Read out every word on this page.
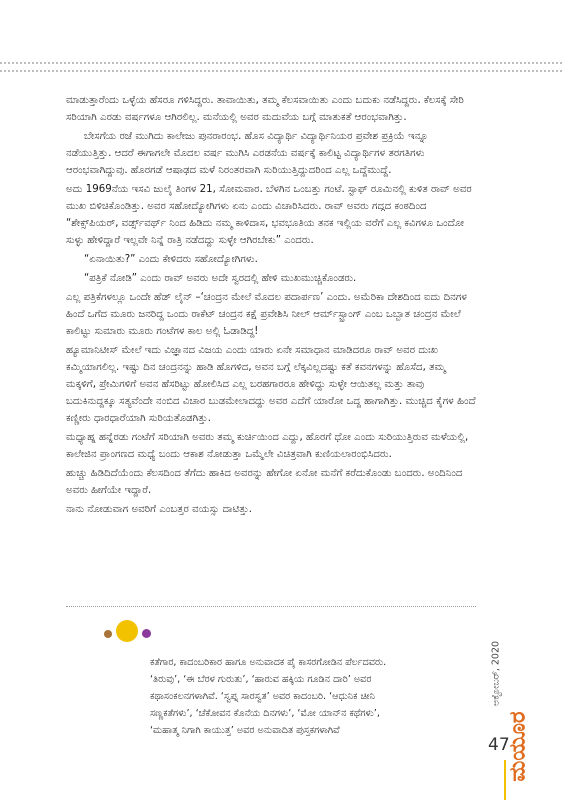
ಮಾಡುತ್ತಾರೆಂದು ಒಳ್ಳೆಯ ಹೆಸರೂ ಗಳಿಸಿದ್ದರು. ತಾವಾಯಿತು, ತಮ್ಮ ಕೆಲಸವಾಯಿತು ಎಂದು ಬದುಕು ನಡೆಸಿದ್ದರು. ಕೆಲಸಕ್ಕೆ ಸೇರಿ ಸರಿಯಾಗಿ ಎರಡು ವರ್ಷಗಳೂ ಆಗಿರಲಿಲ್ಲ. ಮನೆಯಲ್ಲಿ ಅವರ ಮದುವೆಯ ಬಗ್ಗೆ ಮಾತುಕತೆ ಆರಂಭವಾಗಿತ್ತು.

ಬೇಸಗೆಯ ರಜೆ ಮುಗಿದು ಕಾಲೇಜು ಪುನರಾರಂಭ. ಹೊಸ ವಿದ್ಯಾರ್ಥಿ ವಿದ್ಯಾರ್ಥಿನಿಯರ ಪ್ರವೇಶ ಪ್ರಕ್ರಿಯೆ ಇನ್ನೂ ನಡೆಯುತ್ತಿತ್ತು. ಆದರೆ ಈಗಾಗಲೇ ಮೊದಲ ವರ್ಷ ಮುಗಿಸಿ ಎರಡನೆಯ ವರ್ಷಕ್ಕೆ ಕಾಲಿಟ್ಟ ವಿದ್ಯಾರ್ಥಿಗಳ ತರಗತಿಗಳು ಆರಂಭವಾಗಿದ್ದುವು. ಹೊರಗಡೆ ಆಷಾಢದ ಮಳೆ ನಿರಂತರವಾಗಿ ಸುರಿಯುತ್ತಿದ್ದುದರಿಂದ ಎಲ್ಲ ಒದ್ದೆಮುದ್ದೆ.

ಅದು 1969ನೆಯ ಇಸವಿ ಜುಲೈ ತಿಂಗಳ 21, ಸೋಮವಾರ. ಬೆಳಗಿನ ಒಂಬತ್ತು ಗಂಟೆ. ಸ್ಟಾಫ್ ರೂಮಿನಲ್ಲಿ ಕುಳಿತ ರಾವ್ ಅವರ ಮುಖ ಬಿಳಿಚಿಕೊಂಡಿತ್ತು. ಅವರ ಸಹೋದ್ಯೋಗಿಗಳು ಏನು ಎಂದು ವಿಚಾರಿಸಿದರು. ರಾವ್ ಅವರು ಗದ್ಗದ ಕಂಠದಿಂದ “ಶೇಕ್ಸ್‌ಪಿಯರ್, ವರ್ಡ್ಸ್‌ವರ್ಥ್ ನಿಂದ ಹಿಡಿದು ನಮ್ಮ ಕಾಳಿದಾಸ, ಭವಭೂತಿಯ ತನಕ ಇಲ್ಲಿಯ ವರೆಗೆ ಎಲ್ಲ ಕವಿಗಳೂ ಒಂದೋ ಸುಳ್ಳು ಹೇಳಿದ್ದಾರೆ ಇಲ್ಲವೇ ನಿನ್ನೆ ರಾತ್ರಿ ನಡೆದದ್ದು ಸುಳ್ಳೇ ಆಗಿರಬೇಕು” ಎಂದರು.

“ಏನಾಯಿತು?” ಎಂದು ಕೇಳಿದರು ಸಹೋದ್ಯೋಗಿಗಳು.

“ಪತ್ರಿಕೆ ನೋಡಿ” ಎಂದು ರಾವ್ ಅವರು ಅದೇ ಸ್ವರದಲ್ಲಿ ಹೇಳಿ ಮುಖಮುಚ್ಚಿಕೊಂಡರು.

ಎಲ್ಲ ಪತ್ರಿಕೆಗಳಲ್ಲೂ ಒಂದೇ ಹೆಡ್ ಲೈನ್ –‘ಚಂದ್ರನ ಮೇಲೆ ಮೊದಲ ಪದಾರ್ಪಣ’ ಎಂದು. ಅಮೆರಿಕಾ ದೇಶದಿಂದ ಐದು ದಿನಗಳ ಹಿಂದೆ ಒಗೆದ ಮೂರು ಜನರಿದ್ದ ಒಂದು ರಾಕೆಟ್ ಚಂದ್ರನ ಕಕ್ಷೆ ಪ್ರವೇಶಿಸಿ ನೀಲ್ ಆರ್ಮ್‌ಸ್ಟ್ರಾಂಗ್ ಎಂಬ ಒಬ್ಬಾತ ಚಂದ್ರನ ಮೇಲೆ ಕಾಲಿಟ್ಟು ಸುಮಾರು ಮೂರು ಗಂಟೆಗಳ ಕಾಲ ಅಲ್ಲಿ ಓಡಾಡಿದ್ದ!

ಹ್ಯೂಮಾನಿಟೀಸ್ ಮೇಲೆ ಇದು ವಿಜ್ಞಾನದ ವಿಜಯ ಎಂದು ಯಾರು ಏನೇ ಸಮಾಧಾನ ಮಾಡಿದರೂ ರಾವ್ ಅವರ ದುಃಖ ಕಮ್ಮಿಯಾಗಲಿಲ್ಲ. ಇಷ್ಟು ದಿನ ಚಂದ್ರನನ್ನು ಹಾಡಿ ಹೊಗಳಿದ, ಅವನ ಬಗ್ಗೆ ಲೆಕ್ಕವಿಲ್ಲದಷ್ಟು ಕತೆ ಕವನಗಳನ್ನು ಹೊಸೆದ, ತಮ್ಮ ಮಕ್ಕಳಿಗೆ, ಪ್ರೇಮಿಗಳಿಗೆ ಅವನ ಹೆಸರಿಟ್ಟು ಹೋಲಿಸಿದ ಎಲ್ಲ ಬರಹಗಾರರೂ ಹೇಳಿದ್ದು ಸುಳ್ಳೇ ಆಯಿತಲ್ಲ ಮತ್ತು ತಾವು ಬದುಕಿನುದ್ದಕ್ಕೂ ಸತ್ಯವೆಂದೇ ನಂಬಿದ ವಿಚಾರ ಬುಡಮೇಲಾದದ್ದು ಅವರ ಎದೆಗೆ ಯಾರೋ ಒದ್ದ ಹಾಗಾಗಿತ್ತು. ಮುಚ್ಚಿದ ಕೈಗಳ ಹಿಂದೆ ಕಣ್ಣೀರು ಧಾರಧಾರೆಯಾಗಿ ಸುರಿಯತೊಡಗಿತ್ತು.

ಮಧ್ಯಾಹ್ನ ಹನ್ನೆರಡು ಗಂಟೆಗೆ ಸರಿಯಾಗಿ ಅವರು ತಮ್ಮ ಕುರ್ಚಿಯಿಂದ ಎದ್ದು, ಹೊರಗೆ ಧೋ ಎಂದು ಸುರಿಯುತ್ತಿರುವ ಮಳೆಯಲ್ಲಿ, ಕಾಲೇಜಿನ ಪ್ರಾಂಗಣದ ಮಧ್ಯೆ ಬಂದು ಆಕಾಶ ನೋಡುತ್ತಾ ಒಮ್ಮೆಲೇ ವಿಚಿತ್ರವಾಗಿ ಕುಣಿಯಲಾರಂಭಿಸಿದರು.

ಹುಚ್ಚು ಹಿಡಿದಿದೆಯೆಂದು ಕೆಲಸದಿಂದ ತೆಗೆದು ಹಾಕಿದ ಅವರನ್ನು ಹೇಗೋ ಏನೋ ಮನೆಗೆ ಕರೆದುಕೊಂಡು ಬಂದರು. ಅಂದಿನಿಂದ ಅವರು ಹೀಗೆಯೇ ಇದ್ದಾರೆ.

ನಾನು ನೋಡುವಾಗ ಅವರಿಗೆ ಎಂಬತ್ತರ ವಯಸ್ಸು ದಾಟಿತ್ತು.

ಕತೆಗಾರ, ಕಾದಂಬರಿಕಾರ ಹಾಗೂ ಅನುವಾದಕ ಪೈ ಕಾಸರಗೋಡಿನ ಪೆರ್ಲದವರು.

‘ತಿರುವು’, ‘ಈ ಬೆರಳ ಗುರುತು’, ‘ಹಾರುವ ಹಕ್ಕಿಯ ಗೂಡಿನ ದಾರಿ’ ಅವರ

ಕಥಾಸಂಕಲನಗಳಾಗಿವೆ. ‘ಸ್ವಪ್ನ ಸಾರಸ್ವತ’ ಅವರ ಕಾದಂಬರಿ. ‘ಆಧುನಿಕ ಚೀನಿ

ಸಣ್ಣಕತೆಗಳು’, ‘ಚೆಕೋವನ ಕೊನೆಯ ದಿನಗಳು’, ‘ಮೋ ಯಾನ್‌ನ ಕಥೆಗಳು’,

‘ಮಹಾತ್ಮ ನಿಗಾಗಿ ಕಾಯುತ್ತ’ ಅವರ ಅನುವಾದಿತ ಪುಸ್ತಕಗಳಾಗಿವೆ

ಅಕ್ಟೋಬರ್, 2020
ಮಯೂರ
47
